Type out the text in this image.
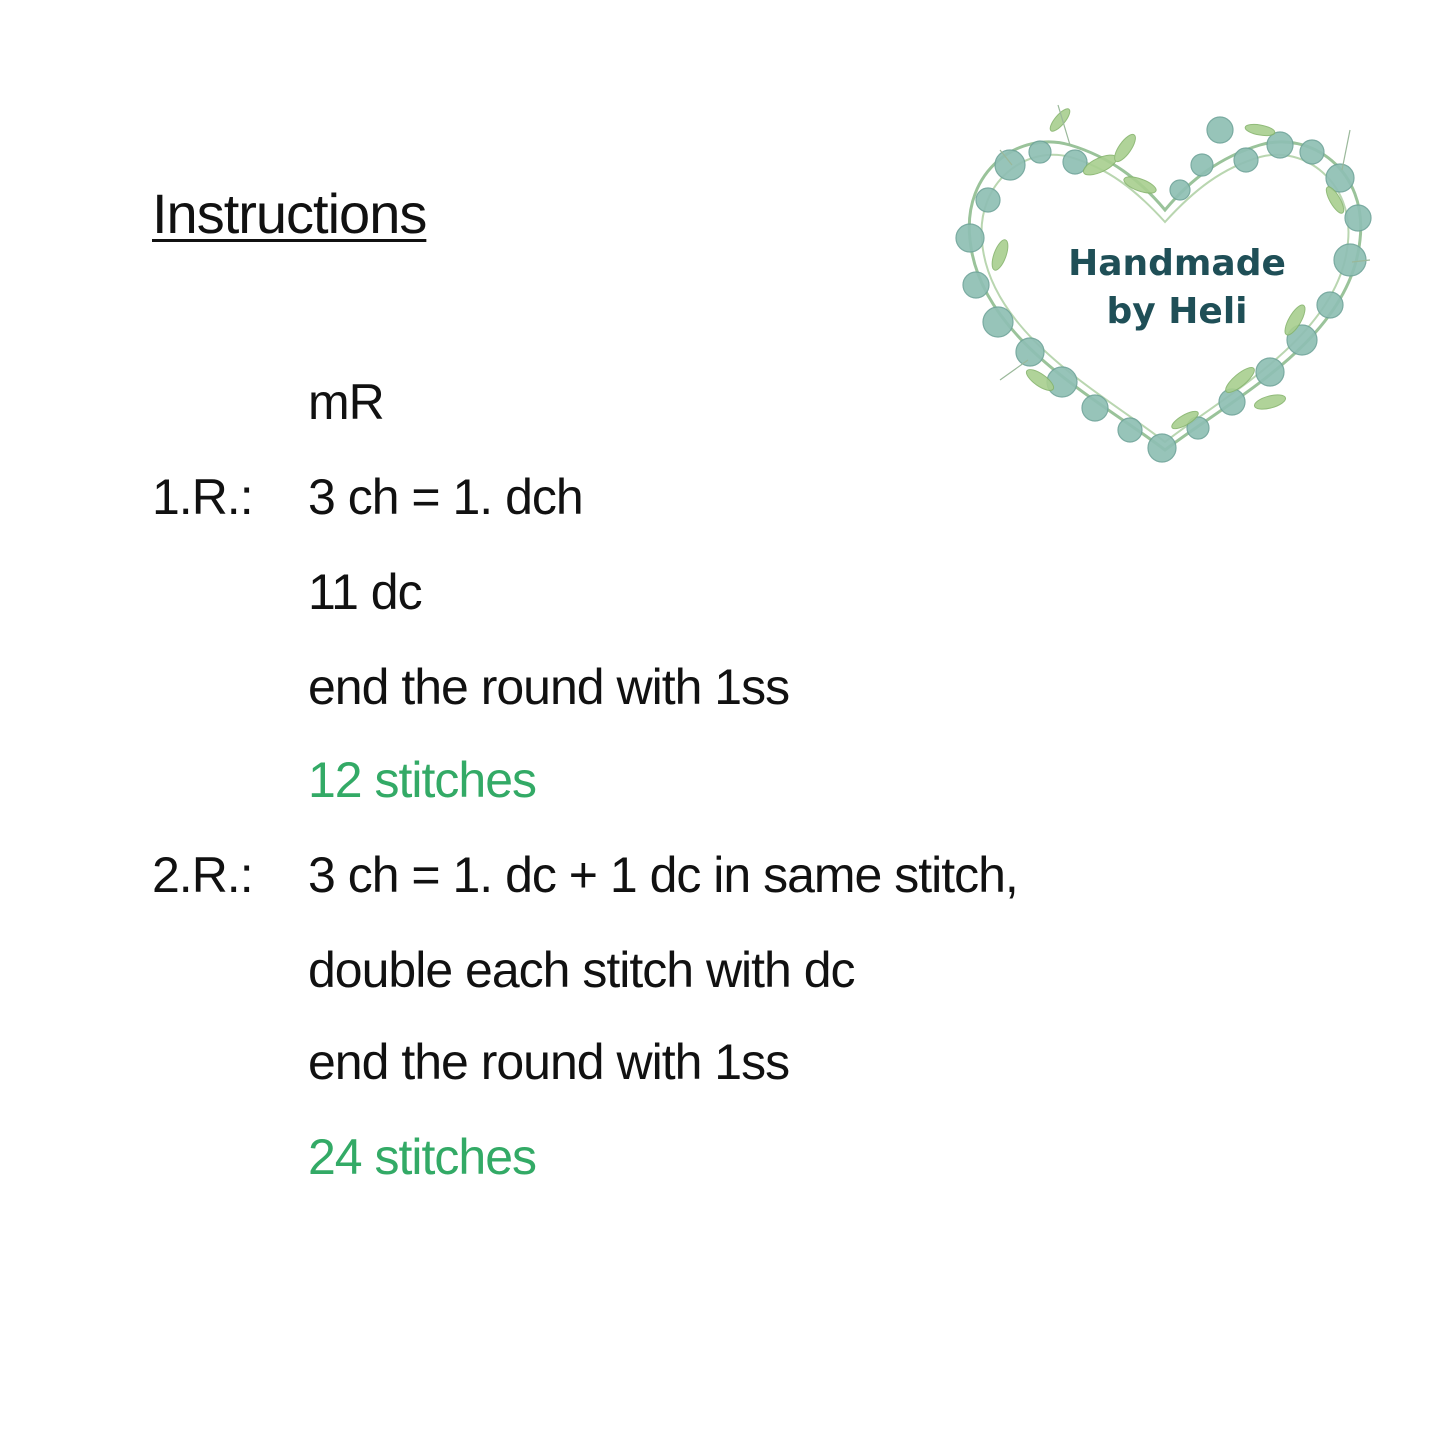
Instructions
mR
1.R.: 3 ch = 1. dch
11 dc
end the round with 1ss
12 stitches
2.R.: 3 ch = 1. dc + 1 dc in same stitch,
double each stitch with dc
end the round with 1ss
24 stitches
Handmade
by Heli
